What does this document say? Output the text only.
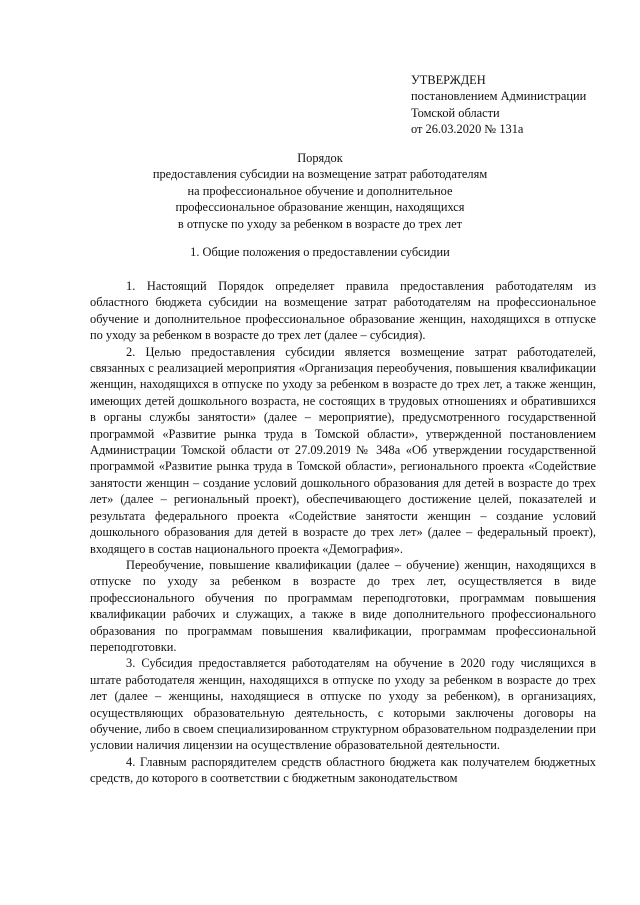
УТВЕРЖДЕН
постановлением Администрации
Томской области
от 26.03.2020 № 131а
Порядок
предоставления субсидии на возмещение затрат работодателям
на профессиональное обучение и дополнительное
профессиональное образование женщин, находящихся
в отпуске по уходу за ребенком в возрасте до трех лет
1. Общие положения о предоставлении субсидии

1. Настоящий Порядок определяет правила предоставления работодателям из областного бюджета субсидии на возмещение затрат работодателям на профессиональное обучение и дополнительное профессиональное образование женщин, находящихся в отпуске по уходу за ребенком в возрасте до трех лет (далее – субсидия).

2. Целью предоставления субсидии является возмещение затрат работодателей, связанных с реализацией мероприятия «Организация переобучения, повышения квалификации женщин, находящихся в отпуске по уходу за ребенком в возрасте до трех лет, а также женщин, имеющих детей дошкольного возраста, не состоящих в трудовых отношениях и обратившихся в органы службы занятости» (далее – мероприятие), предусмотренного государственной программой «Развитие рынка труда в Томской области», утвержденной постановлением Администрации Томской области от 27.09.2019 № 348а «Об утверждении государственной программой «Развитие рынка труда в Томской области», регионального проекта «Содействие занятости женщин – создание условий дошкольного образования для детей в возрасте до трех лет» (далее – региональный проект), обеспечивающего достижение целей, показателей и результата федерального проекта «Содействие занятости женщин – создание условий дошкольного образования для детей в возрасте до трех лет» (далее – федеральный проект), входящего в состав национального проекта «Демография».

Переобучение, повышение квалификации (далее – обучение) женщин, находящихся в отпуске по уходу за ребенком в возрасте до трех лет, осуществляется в виде профессионального обучения по программам переподготовки, программам повышения квалификации рабочих и служащих, а также в виде дополнительного профессионального образования по программам повышения квалификации, программам профессиональной переподготовки.

3. Субсидия предоставляется работодателям на обучение в 2020 году числящихся в штате работодателя женщин, находящихся в отпуске по уходу за ребенком в возрасте до трех лет (далее – женщины, находящиеся в отпуске по уходу за ребенком), в организациях, осуществляющих образовательную деятельность, с которыми заключены договоры на обучение, либо в своем специализированном структурном образовательном подразделении при условии наличия лицензии на осуществление образовательной деятельности.

4. Главным распорядителем средств областного бюджета как получателем бюджетных средств, до которого в соответствии с бюджетным законодательством
